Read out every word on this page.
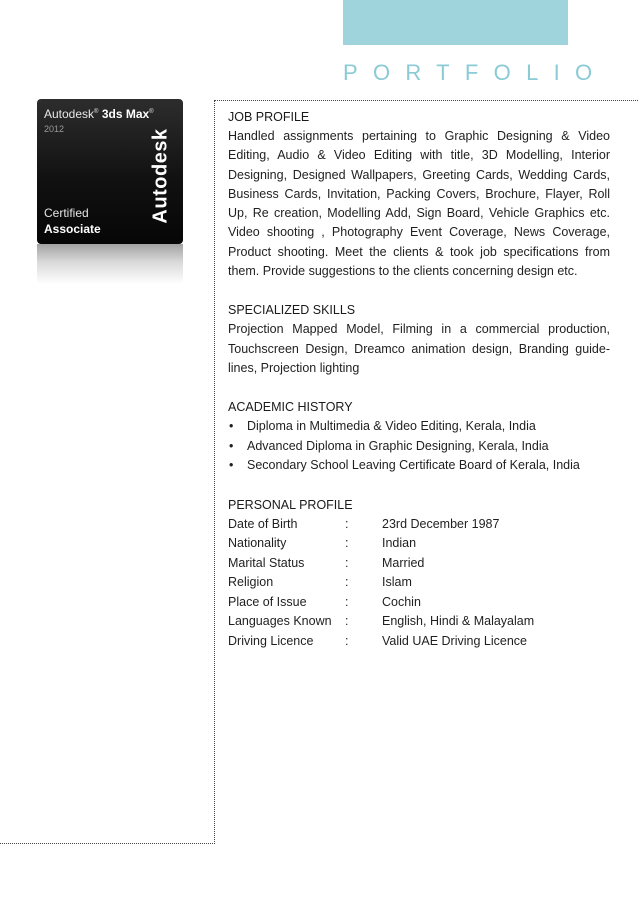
PORTFOLIO
Autodesk® 3ds Max®
2012
Certified
Associate
Autodesk

JOB PROFILE

Handled assignments pertaining to Graphic Designing & Video Editing, Audio & Video Editing with title, 3D Modelling, Interior Designing, Designed Wallpapers, Greeting Cards, Wedding Cards, Business Cards, Invitation, Packing Covers, Brochure, Flayer, Roll Up, Re creation, Modelling Add, Sign Board, Vehicle Graphics etc. Video shooting , Photography Event Coverage, News Coverage, Product shooting. Meet the clients & took job specifications from them. Provide suggestions to the clients concerning design etc.

SPECIALIZED SKILLS

Projection Mapped Model, Filming in a commercial production, Touchscreen Design, Dreamco animation design, Branding guide-lines, Projection lighting

ACADEMIC HISTORY

• Diploma in Multimedia & Video Editing, Kerala, India
• Advanced Diploma in Graphic Designing, Kerala, India
• Secondary School Leaving Certificate Board of Kerala, India

PERSONAL PROFILE

Date of Birth	:	23rd December 1987
Nationality	:	Indian
Marital Status	:	Married
Religion	:	Islam
Place of Issue	:	Cochin
Languages Known	:	English, Hindi & Malayalam
Driving Licence	:	Valid UAE Driving Licence
